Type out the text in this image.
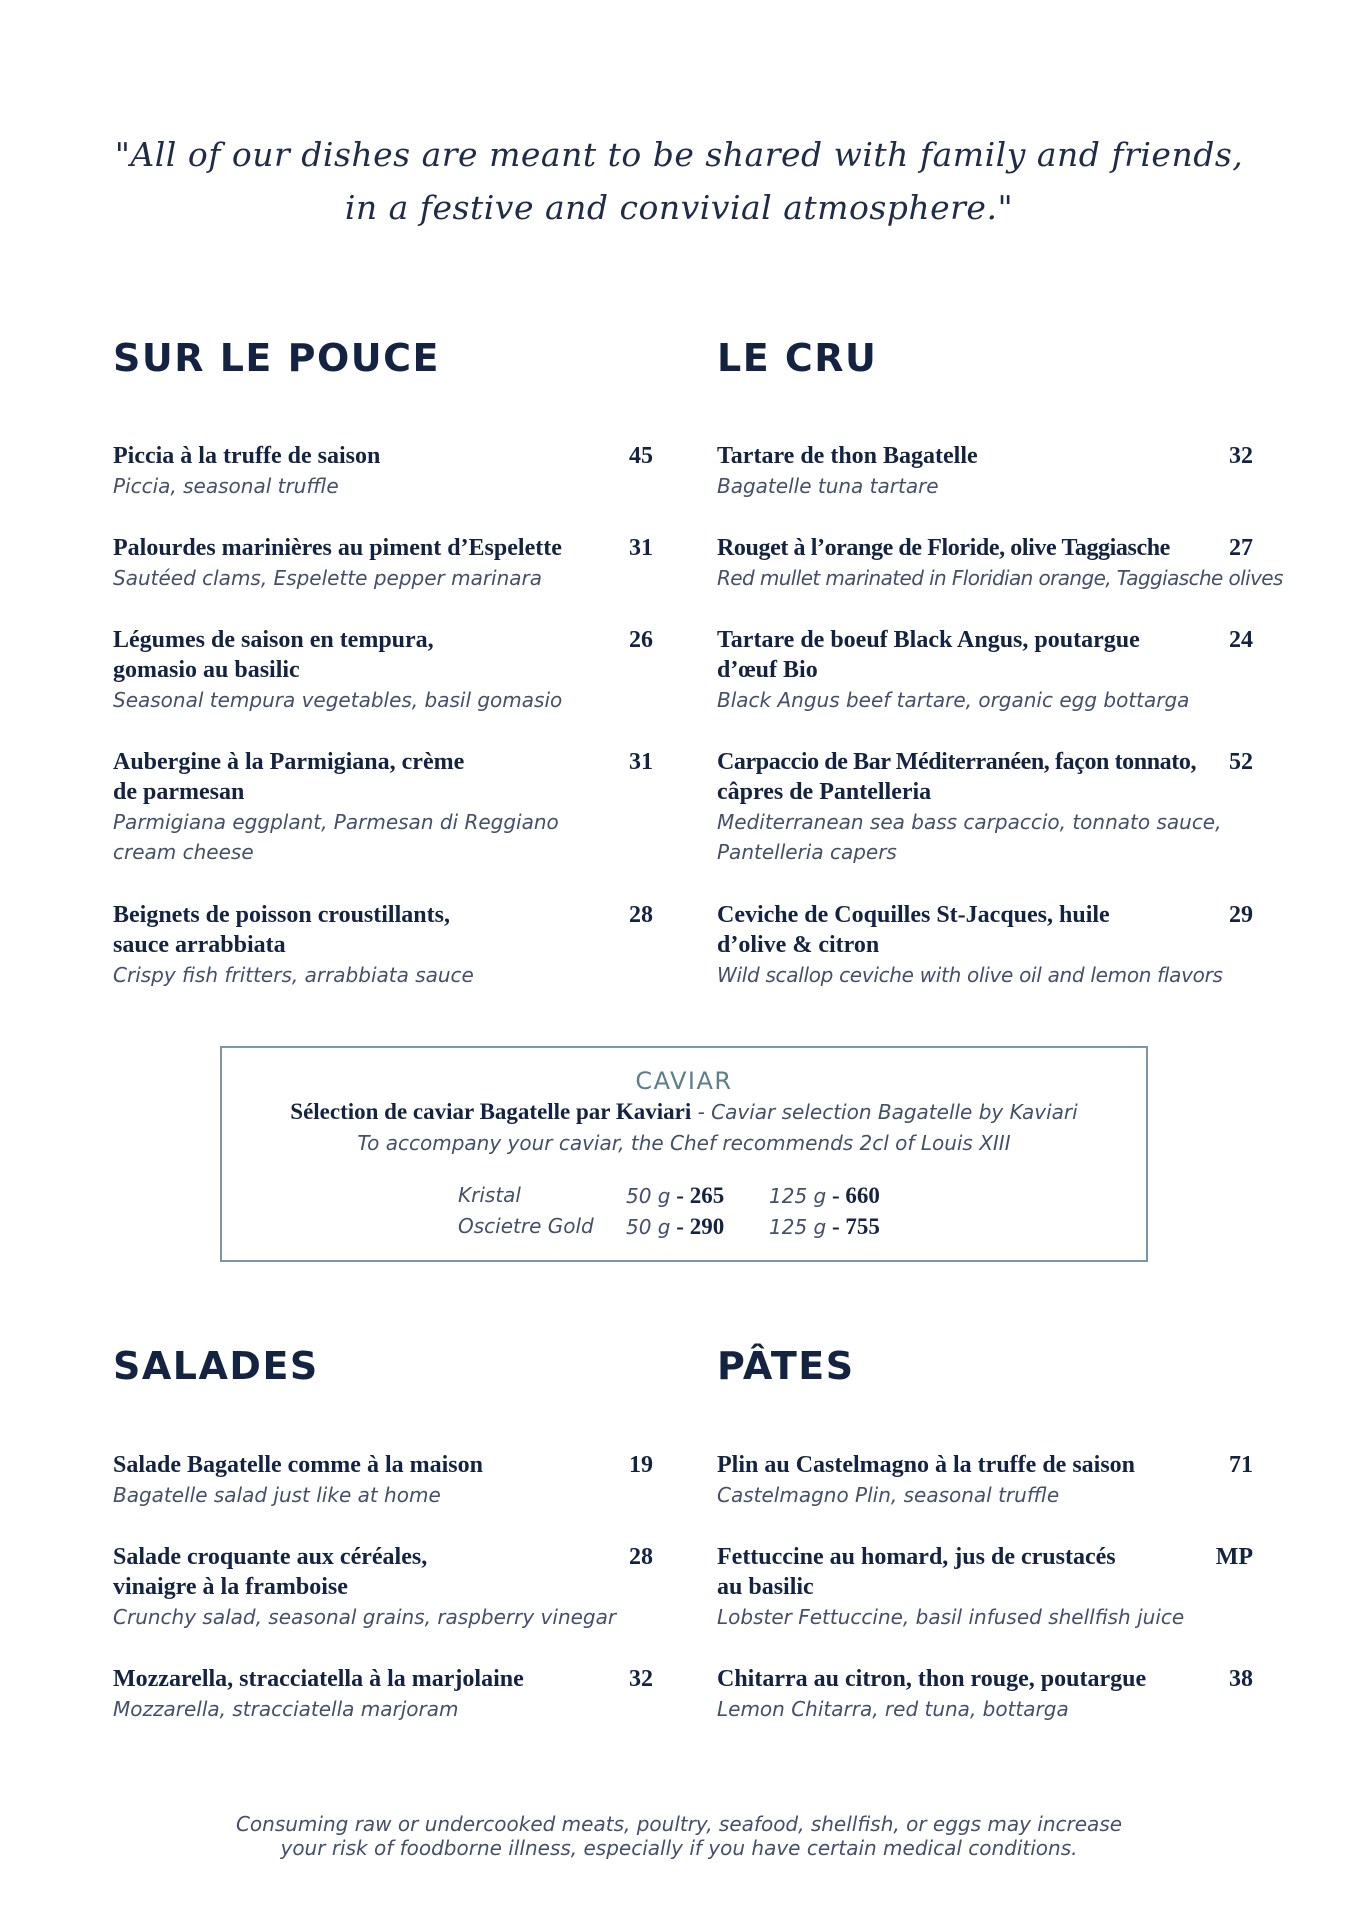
"All of our dishes are meant to be shared with family and friends,
in a festive and convivial atmosphere."
SUR LE POUCE
Piccia à la truffe de saison
Piccia, seasonal truffle
45
Palourdes marinières au piment d’Espelette
Sautéed clams, Espelette pepper marinara
31
Légumes de saison en tempura,
gomasio au basilic
Seasonal tempura vegetables, basil gomasio
26
Aubergine à la Parmigiana, crème
de parmesan
Parmigiana eggplant, Parmesan di Reggiano
cream cheese
31
Beignets de poisson croustillants,
sauce arrabbiata
Crispy fish fritters, arrabbiata sauce
28
LE CRU
Tartare de thon Bagatelle
Bagatelle tuna tartare
32
Rouget à l’orange de Floride, olive Taggiasche
Red mullet marinated in Floridian orange, Taggiasche olives
27
Tartare de boeuf Black Angus, poutargue
d’œuf Bio
Black Angus beef tartare, organic egg bottarga
24
Carpaccio de Bar Méditerranéen, façon tonnato,
câpres de Pantelleria
Mediterranean sea bass carpaccio, tonnato sauce,
Pantelleria capers
52
Ceviche de Coquilles St-Jacques, huile
d’olive & citron
Wild scallop ceviche with olive oil and lemon flavors
29
CAVIAR
Sélection de caviar Bagatelle par Kaviari - Caviar selection Bagatelle by Kaviari
To accompany your caviar, the Chef recommends 2cl of Louis XIII
Kristal	50 g - 265 125 g - 660
Oscietre Gold 50 g - 290 125 g - 755
SALADES
Salade Bagatelle comme à la maison
Bagatelle salad just like at home
19
Salade croquante aux céréales,
vinaigre à la framboise
Crunchy salad, seasonal grains, raspberry vinegar
28
Mozzarella, stracciatella à la marjolaine
Mozzarella, stracciatella marjoram
32
PÂTES
Plin au Castelmagno à la truffe de saison
Castelmagno Plin, seasonal truffle
71
Fettuccine au homard, jus de crustacés
au basilic
Lobster Fettuccine, basil infused shellfish juice
MP
Chitarra au citron, thon rouge, poutargue
Lemon Chitarra, red tuna, bottarga
38
Consuming raw or undercooked meats, poultry, seafood, shellfish, or eggs may increase
your risk of foodborne illness, especially if you have certain medical conditions.
